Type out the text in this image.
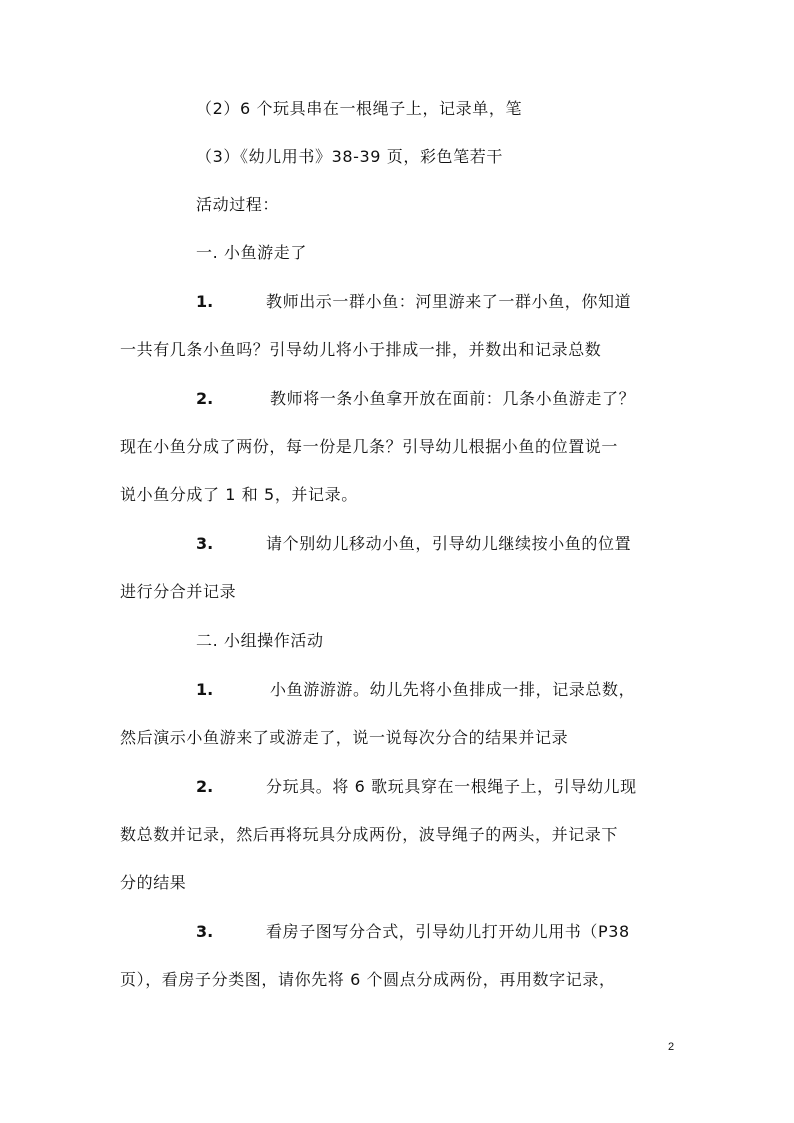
（2）6 个玩具串在一根绳子上，记录单，笔
（3）《幼儿用书》38-39 页，彩色笔若干
活动过程：
一. 小鱼游走了
1.	教师出示一群小鱼：河里游来了一群小鱼，你知道
一共有几条小鱼吗？引导幼儿将小于排成一排，并数出和记录总数
2.	教师将一条小鱼拿开放在面前：几条小鱼游走了？
现在小鱼分成了两份，每一份是几条？引导幼儿根据小鱼的位置说一
说小鱼分成了 1 和 5，并记录。
3.	请个别幼儿移动小鱼，引导幼儿继续按小鱼的位置
进行分合并记录
二. 小组操作活动
1.	小鱼游游游。幼儿先将小鱼排成一排，记录总数，
然后演示小鱼游来了或游走了，说一说每次分合的结果并记录
2.	分玩具。将 6 歌玩具穿在一根绳子上，引导幼儿现
数总数并记录，然后再将玩具分成两份，波导绳子的两头，并记录下
分的结果
3.	看房子图写分合式，引导幼儿打开幼儿用书（P38
页），看房子分类图，请你先将 6 个圆点分成两份，再用数字记录，
2
